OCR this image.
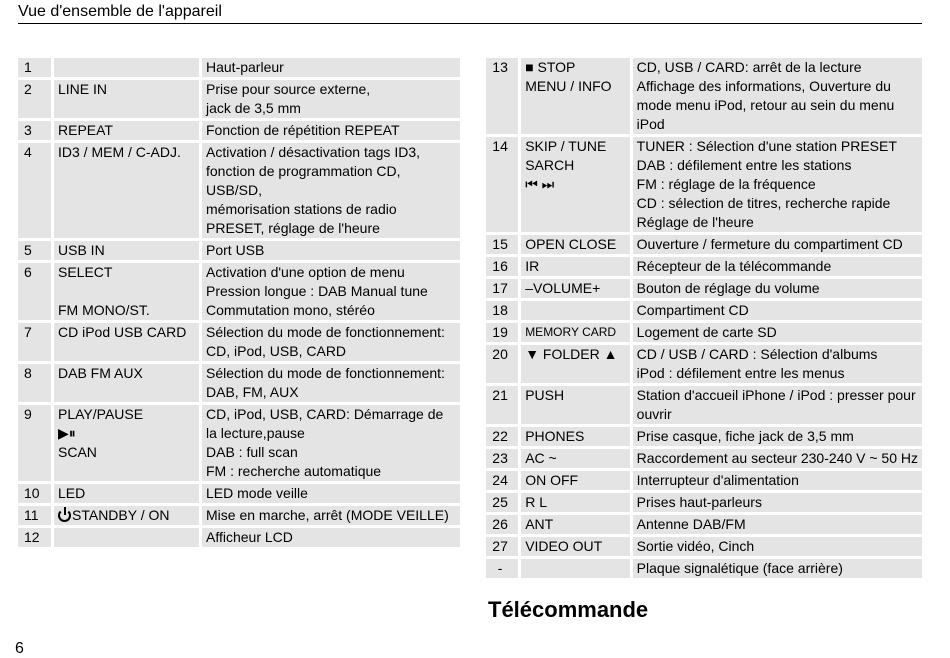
Vue d'ensemble de l'appareil
1		Haut-parleur

2	LINE IN	Prise pour source externe,
jack de 3,5 mm

3	REPEAT	Fonction de répétition REPEAT

4	ID3 / MEM / C-ADJ.	Activation / désactivation tags ID3,
fonction de programmation CD,
USB/SD,
mémorisation stations de radio
PRESET, réglage de l'heure

5	USB IN	Port USB

6	SELECT
FM MONO/ST.	Activation d'une option de menu
Pression longue : DAB Manual tune
Commutation mono, stéréo

7	CD iPod USB CARD	Sélection du mode de fonctionnement:
CD, iPod, USB, CARD

8	DAB FM AUX	Sélection du mode de fonctionnement:
DAB, FM, AUX

9	PLAY/PAUSE
▶⏸
SCAN	CD, iPod, USB, CARD: Démarrage de
la lecture,pause
DAB : full scan
FM : recherche automatique

10	LED	LED mode veille

11	STANDBY / ON	Mise en marche, arrêt (MODE VEILLE)

12		Afficheur LCD
13	■ STOP
MENU / INFO	CD, USB / CARD: arrêt de la lecture
Affichage des informations, Ouverture du
mode menu iPod, retour au sein du menu
iPod

14	SKIP / TUNE
SARCH
⏮ ⏭	TUNER : Sélection d'une station PRESET
DAB : défilement entre les stations
FM : réglage de la fréquence
CD : sélection de titres, recherche rapide
Réglage de l'heure

15	OPEN CLOSE	Ouverture / fermeture du compartiment CD

16	IR	Récepteur de la télécommande

17	–VOLUME+	Bouton de réglage du volume

18		Compartiment CD

19	MEMORY CARD	Logement de carte SD

20	▼ FOLDER ▲	CD / USB / CARD : Sélection d'albums
iPod : défilement entre les menus

21	PUSH	Station d'accueil iPhone / iPod : presser pour
ouvrir

22	PHONES	Prise casque, fiche jack de 3,5 mm

23	AC ~	Raccordement au secteur 230-240 V ~ 50 Hz

24	ON OFF	Interrupteur d'alimentation

25	R L	Prises haut-parleurs

26	ANT	Antenne DAB/FM

27	VIDEO OUT	Sortie vidéo, Cinch

-		Plaque signalétique (face arrière)
Télécommande
6
